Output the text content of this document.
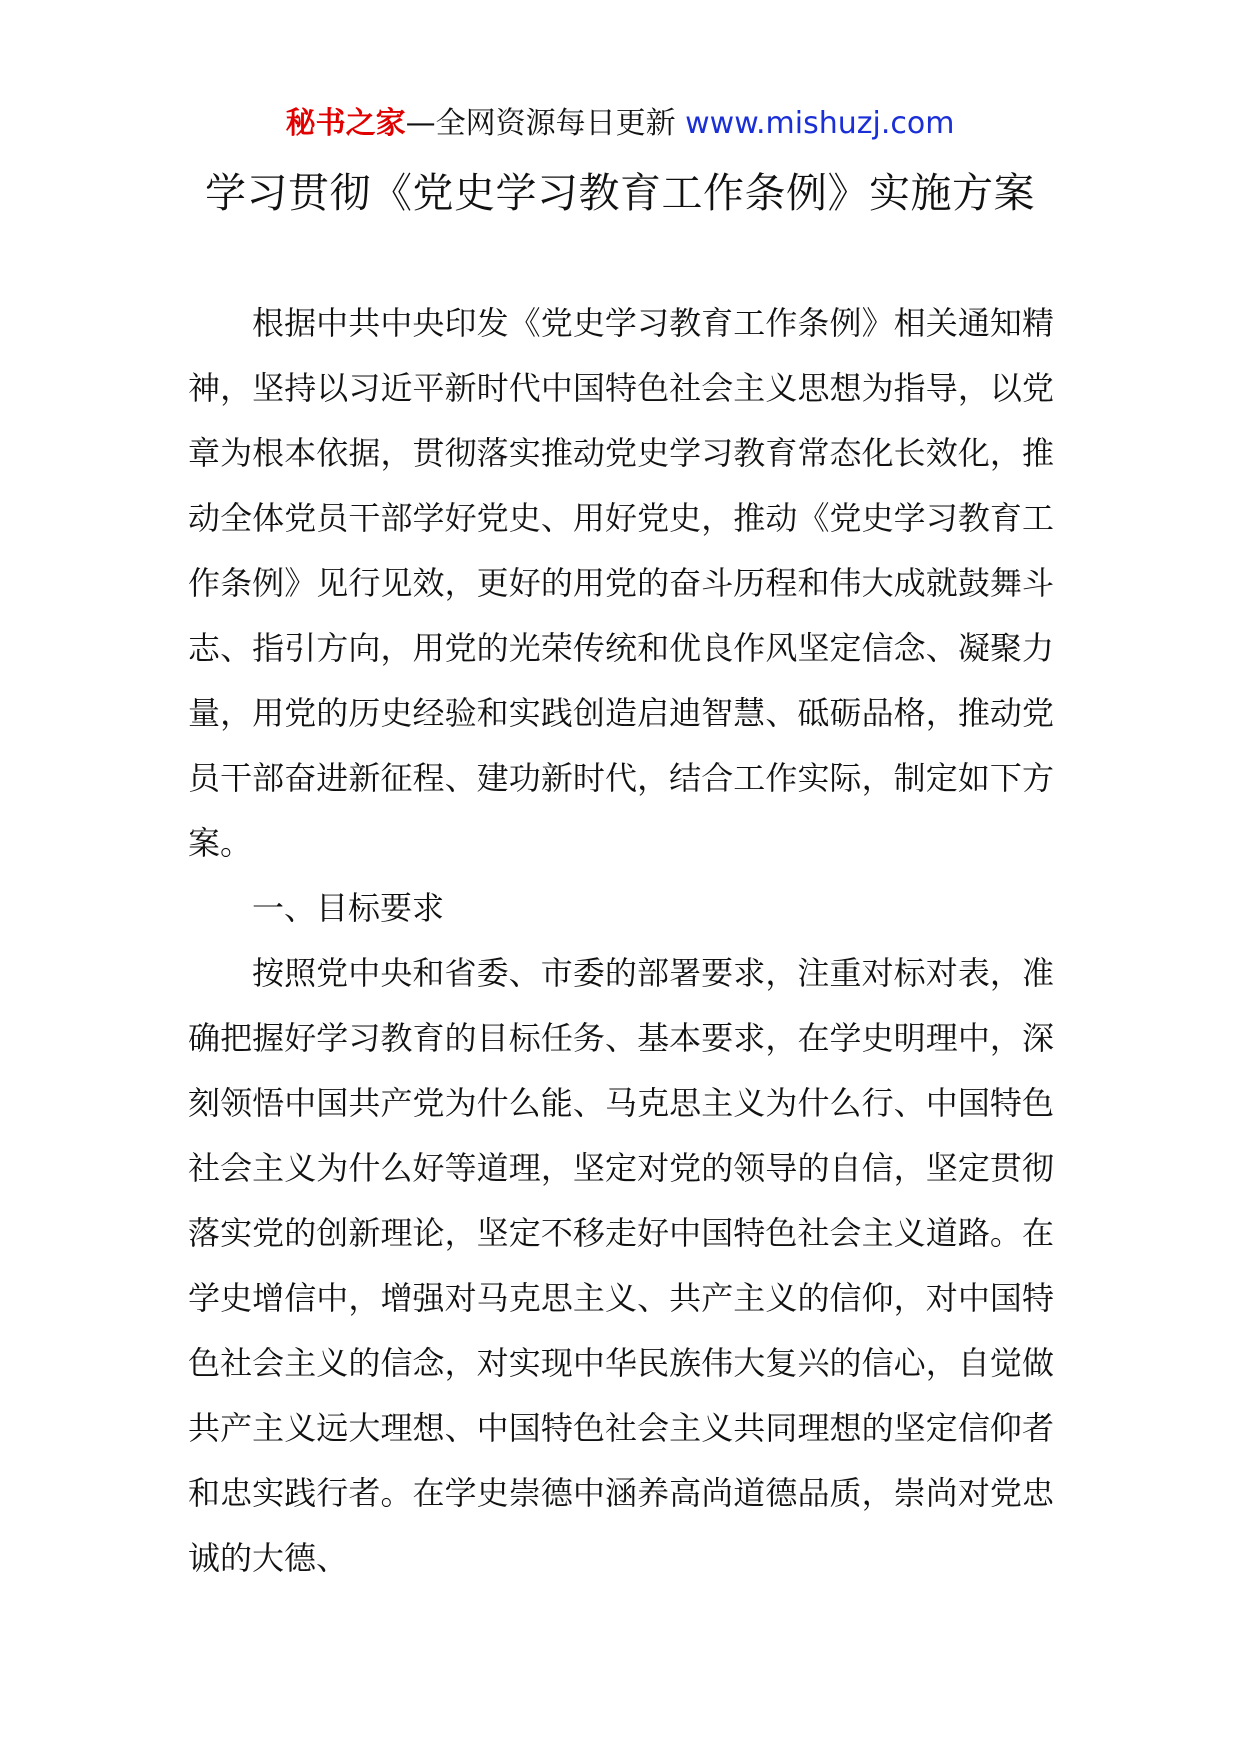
秘书之家—全网资源每日更新 www.mishuzj.com
学习贯彻《党史学习教育工作条例》实施方案

根据中共中央印发《党史学习教育工作条例》相关通知精神，坚持以习近平新时代中国特色社会主义思想为指导，以党章为根本依据，贯彻落实推动党史学习教育常态化长效化，推动全体党员干部学好党史、用好党史，推动《党史学习教育工作条例》见行见效，更好的用党的奋斗历程和伟大成就鼓舞斗志、指引方向，用党的光荣传统和优良作风坚定信念、凝聚力量，用党的历史经验和实践创造启迪智慧、砥砺品格，推动党员干部奋进新征程、建功新时代，结合工作实际，制定如下方案。

一、目标要求

按照党中央和省委、市委的部署要求，注重对标对表，准确把握好学习教育的目标任务、基本要求，在学史明理中，深刻领悟中国共产党为什么能、马克思主义为什么行、中国特色社会主义为什么好等道理，坚定对党的领导的自信，坚定贯彻落实党的创新理论，坚定不移走好中国特色社会主义道路。在学史增信中，增强对马克思主义、共产主义的信仰，对中国特色社会主义的信念，对实现中华民族伟大复兴的信心，自觉做共产主义远大理想、中国特色社会主义共同理想的坚定信仰者和忠实践行者。在学史崇德中涵养高尚道德品质，崇尚对党忠诚的大德、
